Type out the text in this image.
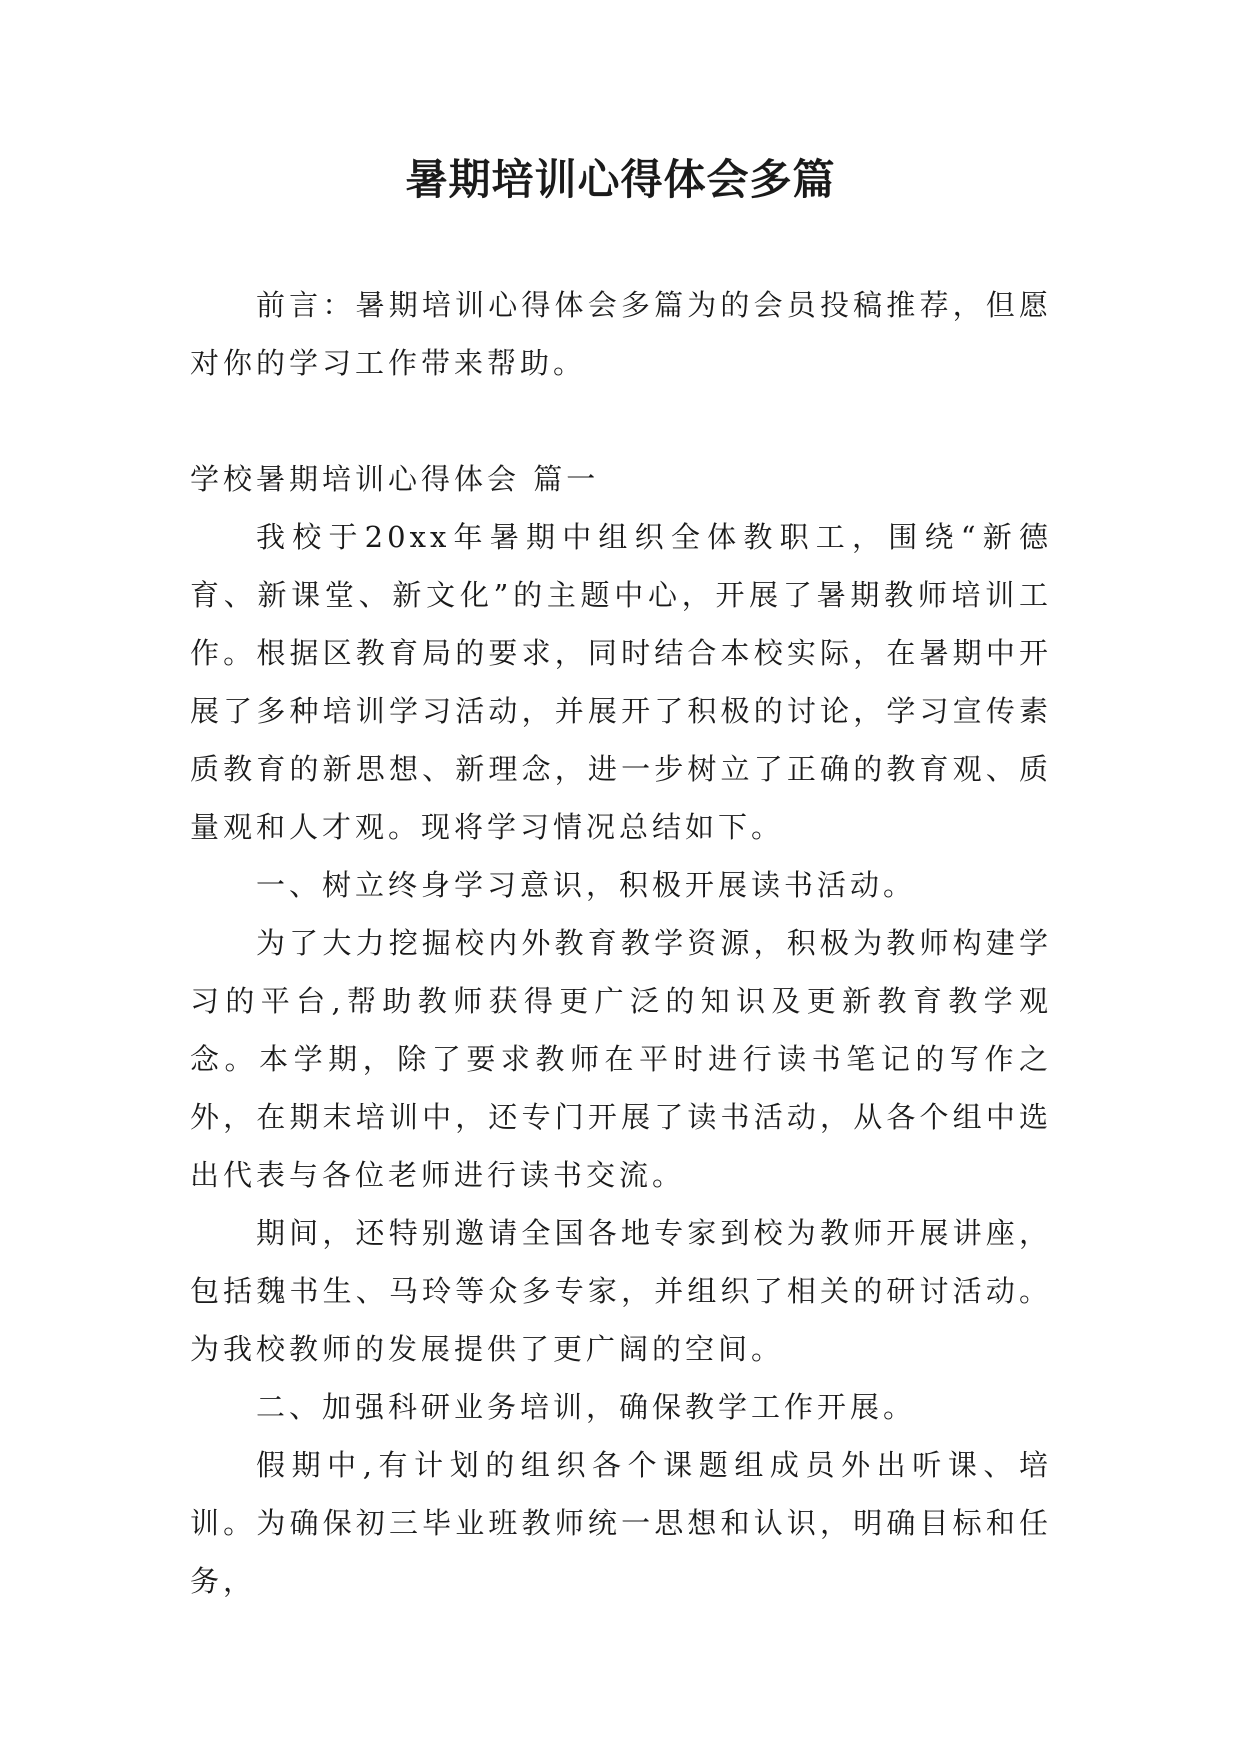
暑期培训心得体会多篇

前言：暑期培训心得体会多篇为的会员投稿推荐，但愿对你的学习工作带来帮助。

学校暑期培训心得体会 篇一

我校于20xx年暑期中组织全体教职工，围绕“新德育、新课堂、新文化”的主题中心，开展了暑期教师培训工作。根据区教育局的要求，同时结合本校实际，在暑期中开展了多种培训学习活动，并展开了积极的讨论，学习宣传素质教育的新思想、新理念，进一步树立了正确的教育观、质量观和人才观。现将学习情况总结如下。

一、树立终身学习意识，积极开展读书活动。

为了大力挖掘校内外教育教学资源，积极为教师构建学习的平台,帮助教师获得更广泛的知识及更新教育教学观念。本学期，除了要求教师在平时进行读书笔记的写作之外，在期末培训中，还专门开展了读书活动，从各个组中选出代表与各位老师进行读书交流。

期间，还特别邀请全国各地专家到校为教师开展讲座，包括魏书生、马玲等众多专家，并组织了相关的研讨活动。为我校教师的发展提供了更广阔的空间。

二、加强科研业务培训，确保教学工作开展。

假期中,有计划的组织各个课题组成员外出听课、培训。为确保初三毕业班教师统一思想和认识，明确目标和任务，
